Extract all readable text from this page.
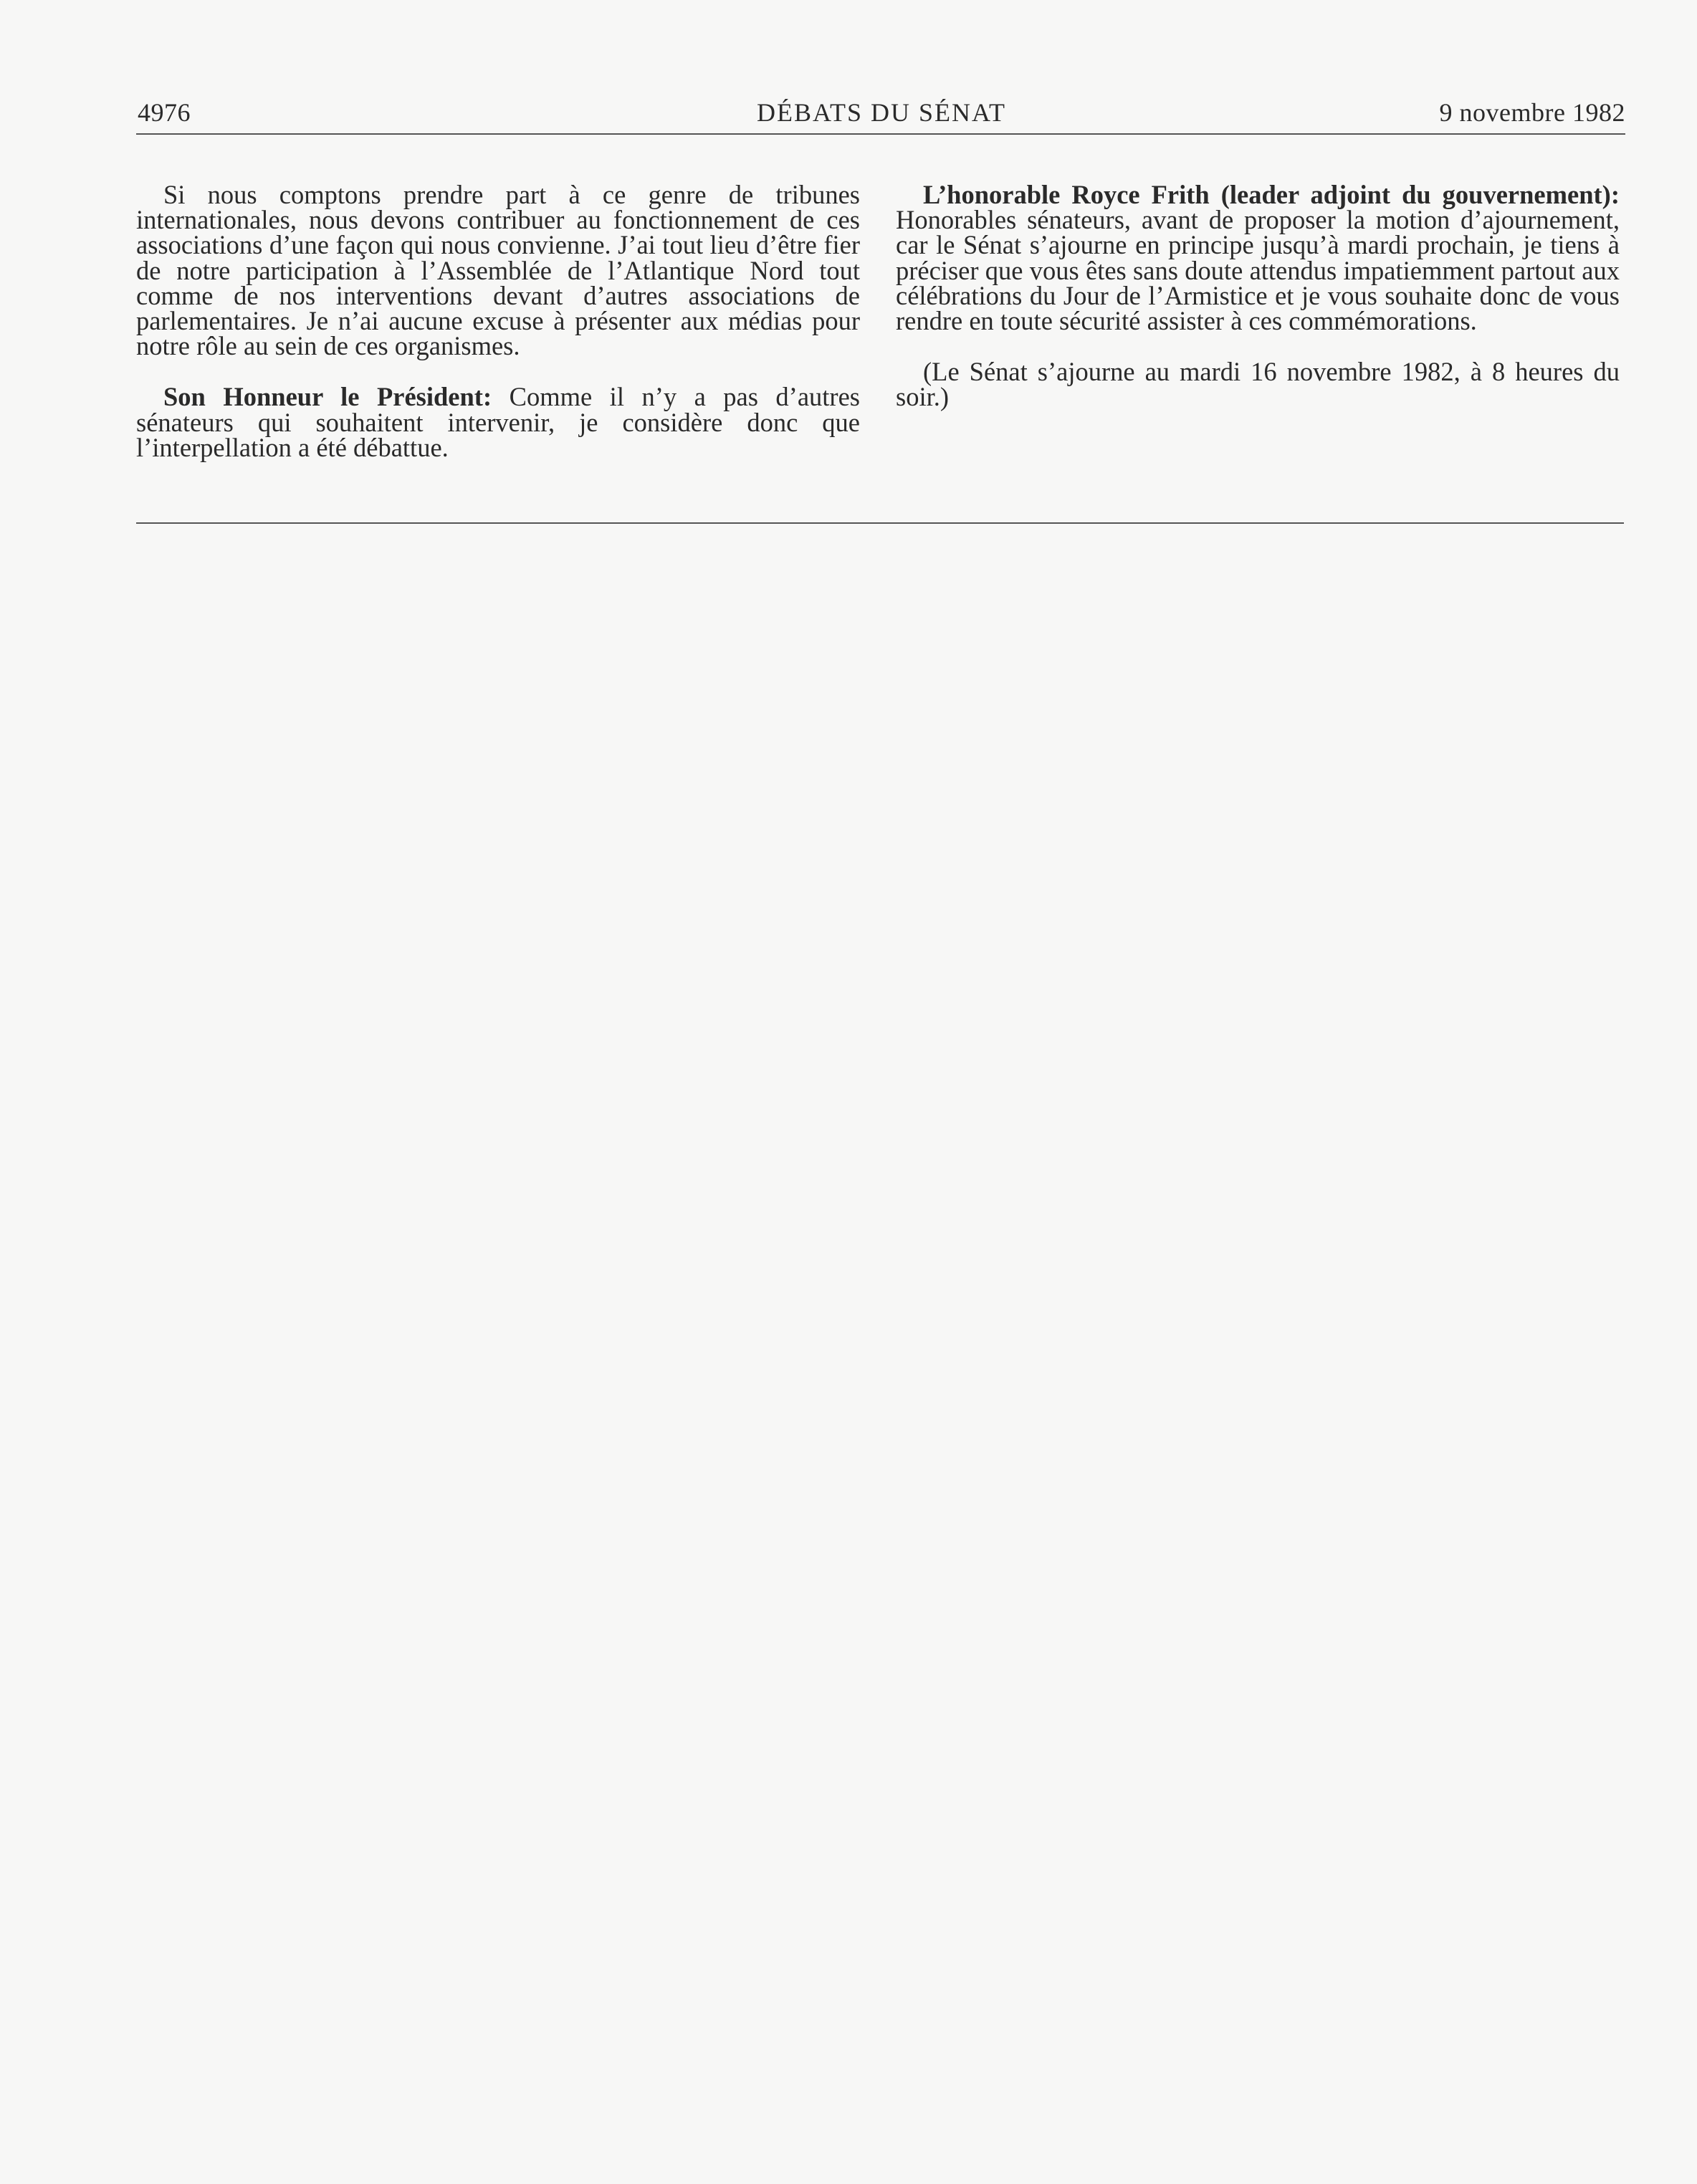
4976	DÉBATS DU SÉNAT	9 novembre 1982

Si nous comptons prendre part à ce genre de tribunes internationales, nous devons contribuer au fonctionnement de ces associations d’une façon qui nous convienne. J’ai tout lieu d’être fier de notre participation à l’Assemblée de l’Atlantique Nord tout comme de nos interventions devant d’autres associations de parlementaires. Je n’ai aucune excuse à présenter aux médias pour notre rôle au sein de ces organismes.

Son Honneur le Président: Comme il n’y a pas d’autres sénateurs qui souhaitent intervenir, je considère donc que l’interpellation a été débattue.

L’honorable Royce Frith (leader adjoint du gouvernement): Honorables sénateurs, avant de proposer la motion d’ajournement, car le Sénat s’ajourne en principe jusqu’à mardi prochain, je tiens à préciser que vous êtes sans doute attendus impatiemment partout aux célébrations du Jour de l’Armistice et je vous souhaite donc de vous rendre en toute sécurité assister à ces commémorations.

(Le Sénat s’ajourne au mardi 16 novembre 1982, à 8 heures du soir.)
